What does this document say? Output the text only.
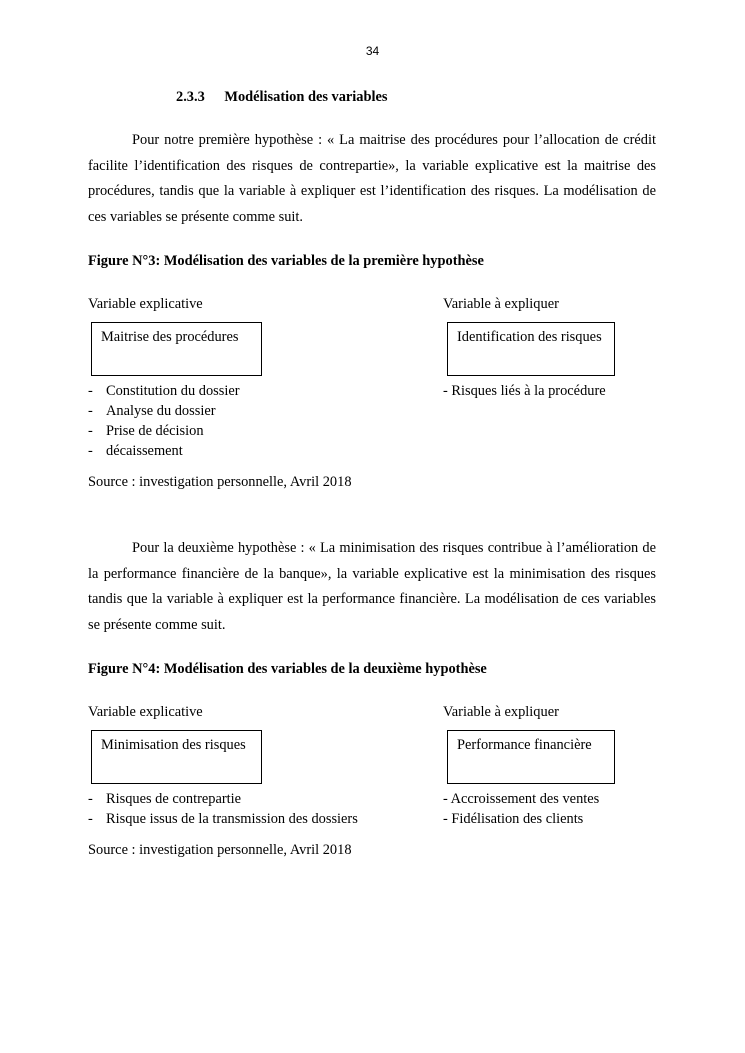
34
2.3.3 Modélisation des variables
Pour notre première hypothèse : « La maitrise des procédures pour l’allocation de crédit facilite l’identification des risques de contrepartie», la variable explicative est la maitrise des procédures, tandis que la variable à expliquer est l’identification des risques. La modélisation de ces variables se présente comme suit.
Figure N°3: Modélisation des variables de la première hypothèse
Variable explicative	Variable à expliquer
Maitrise des procédures	Identification des risques
- Constitution du dossier
- Analyse du dossier
- Prise de décision
- décaissement
- Risques liés à la procédure
Source : investigation personnelle, Avril 2018
Pour la deuxième hypothèse : « La minimisation des risques contribue à l’amélioration de la performance financière de la banque», la variable explicative est la minimisation des risques tandis que la variable à expliquer est la performance financière. La modélisation de ces variables se présente comme suit.
Figure N°4: Modélisation des variables de la deuxième hypothèse
Variable explicative	Variable à expliquer
Minimisation des risques	Performance financière
- Risques de contrepartie
- Risque issus de la transmission des dossiers
- Accroissement des ventes
- Fidélisation des clients
Source : investigation personnelle, Avril 2018
